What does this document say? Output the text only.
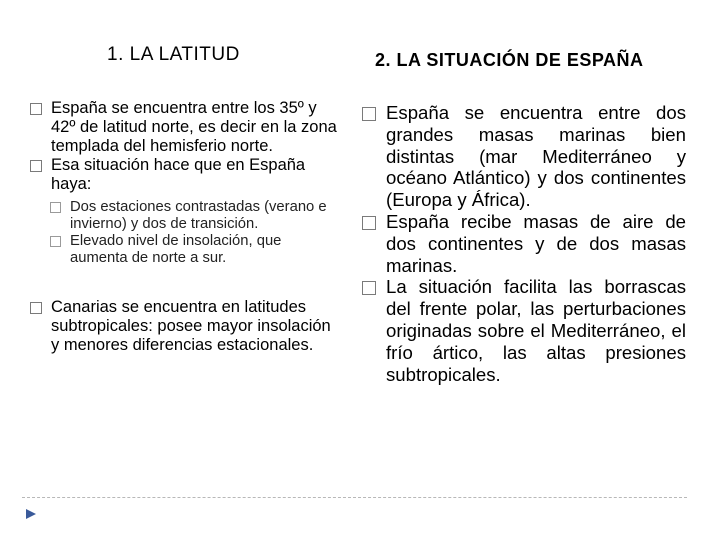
1. LA LATITUD	2. LA SITUACIÓN DE ESPAÑA
España se encuentra entre los 35º y 42º de latitud norte, es decir en la zona templada del hemisferio norte.
Esa situación hace que en España haya:
Dos estaciones contrastadas (verano e invierno) y dos de transición.
Elevado nivel de insolación, que aumenta de norte a sur.
Canarias se encuentra en latitudes subtropicales: posee mayor insolación y menores diferencias estacionales.
España se encuentra entre dos grandes masas marinas bien distintas (mar Mediterráneo y océano Atlántico) y dos continentes (Europa y África).
España recibe masas de aire de dos continentes y de dos masas marinas.
La situación facilita las borrascas del frente polar, las perturbaciones originadas sobre el Mediterráneo, el frío ártico, las altas presiones subtropicales.
